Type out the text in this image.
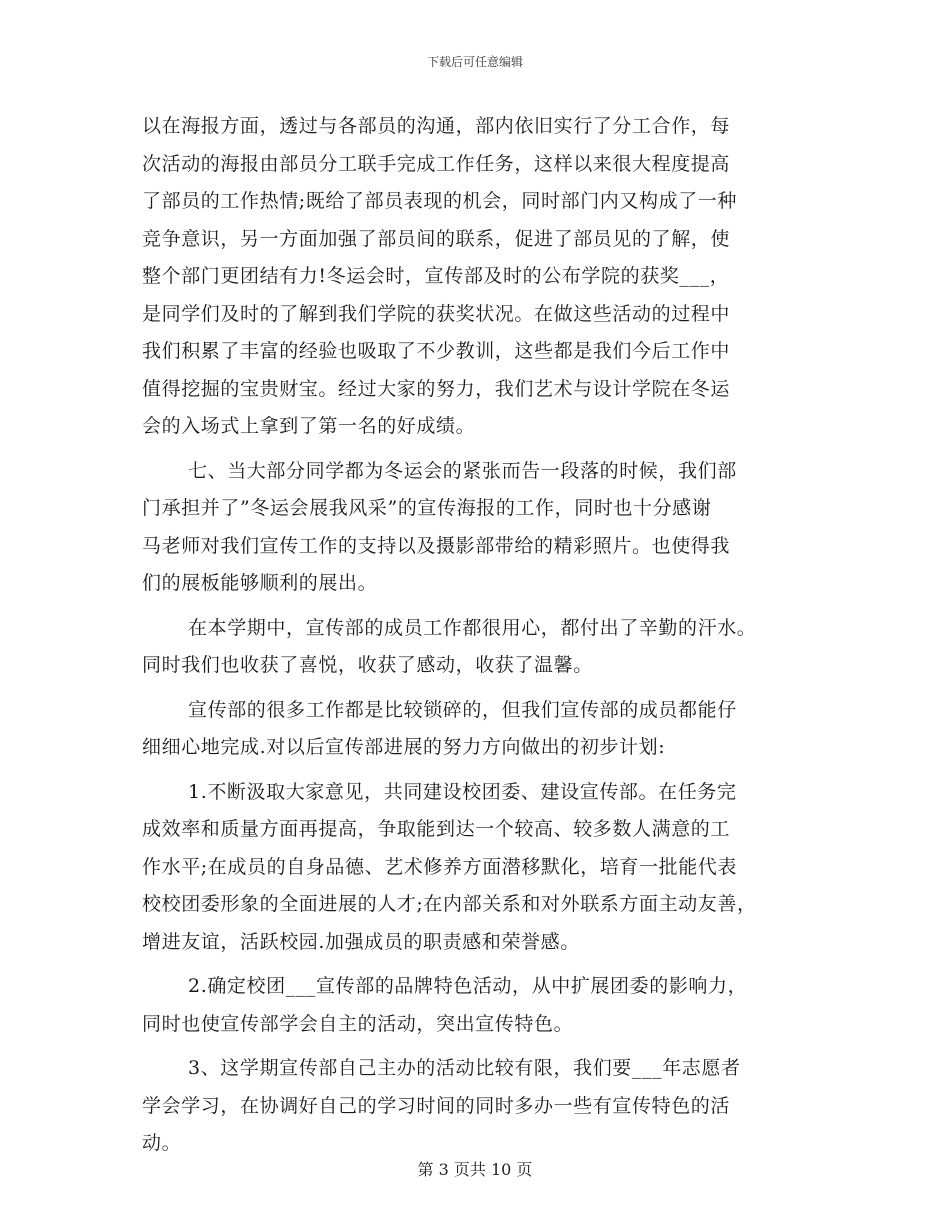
下载后可任意编辑
以在海报方面，透过与各部员的沟通，部内依旧实行了分工合作，每
次活动的海报由部员分工联手完成工作任务，这样以来很大程度提高
了部员的工作热情;既给了部员表现的机会，同时部门内又构成了一种
竞争意识，另一方面加强了部员间的联系，促进了部员见的了解，使
整个部门更团结有力!冬运会时，宣传部及时的公布学院的获奖___，
是同学们及时的了解到我们学院的获奖状况。在做这些活动的过程中
我们积累了丰富的经验也吸取了不少教训，这些都是我们今后工作中
值得挖掘的宝贵财宝。经过大家的努力，我们艺术与设计学院在冬运
会的入场式上拿到了第一名的好成绩。
七、当大部分同学都为冬运会的紧张而告一段落的时候，我们部
门承担并了”冬运会展我风采”的宣传海报的工作，同时也十分感谢
马老师对我们宣传工作的支持以及摄影部带给的精彩照片。也使得我
们的展板能够顺利的展出。
在本学期中，宣传部的成员工作都很用心，都付出了辛勤的汗水。
同时我们也收获了喜悦，收获了感动，收获了温馨。
宣传部的很多工作都是比较锁碎的，但我们宣传部的成员都能仔
细细心地完成.对以后宣传部进展的努力方向做出的初步计划:
1.不断汲取大家意见，共同建设校团委、建设宣传部。在任务完
成效率和质量方面再提高，争取能到达一个较高、较多数人满意的工
作水平;在成员的自身品德、艺术修养方面潜移默化，培育一批能代表
校校团委形象的全面进展的人才;在内部关系和对外联系方面主动友善，
增进友谊，活跃校园.加强成员的职责感和荣誉感。
2.确定校团___宣传部的品牌特色活动，从中扩展团委的影响力，
同时也使宣传部学会自主的活动，突出宣传特色。
3、这学期宣传部自己主办的活动比较有限，我们要___年志愿者
学会学习，在协调好自己的学习时间的同时多办一些有宣传特色的活
动。
第 3 页共 10 页
